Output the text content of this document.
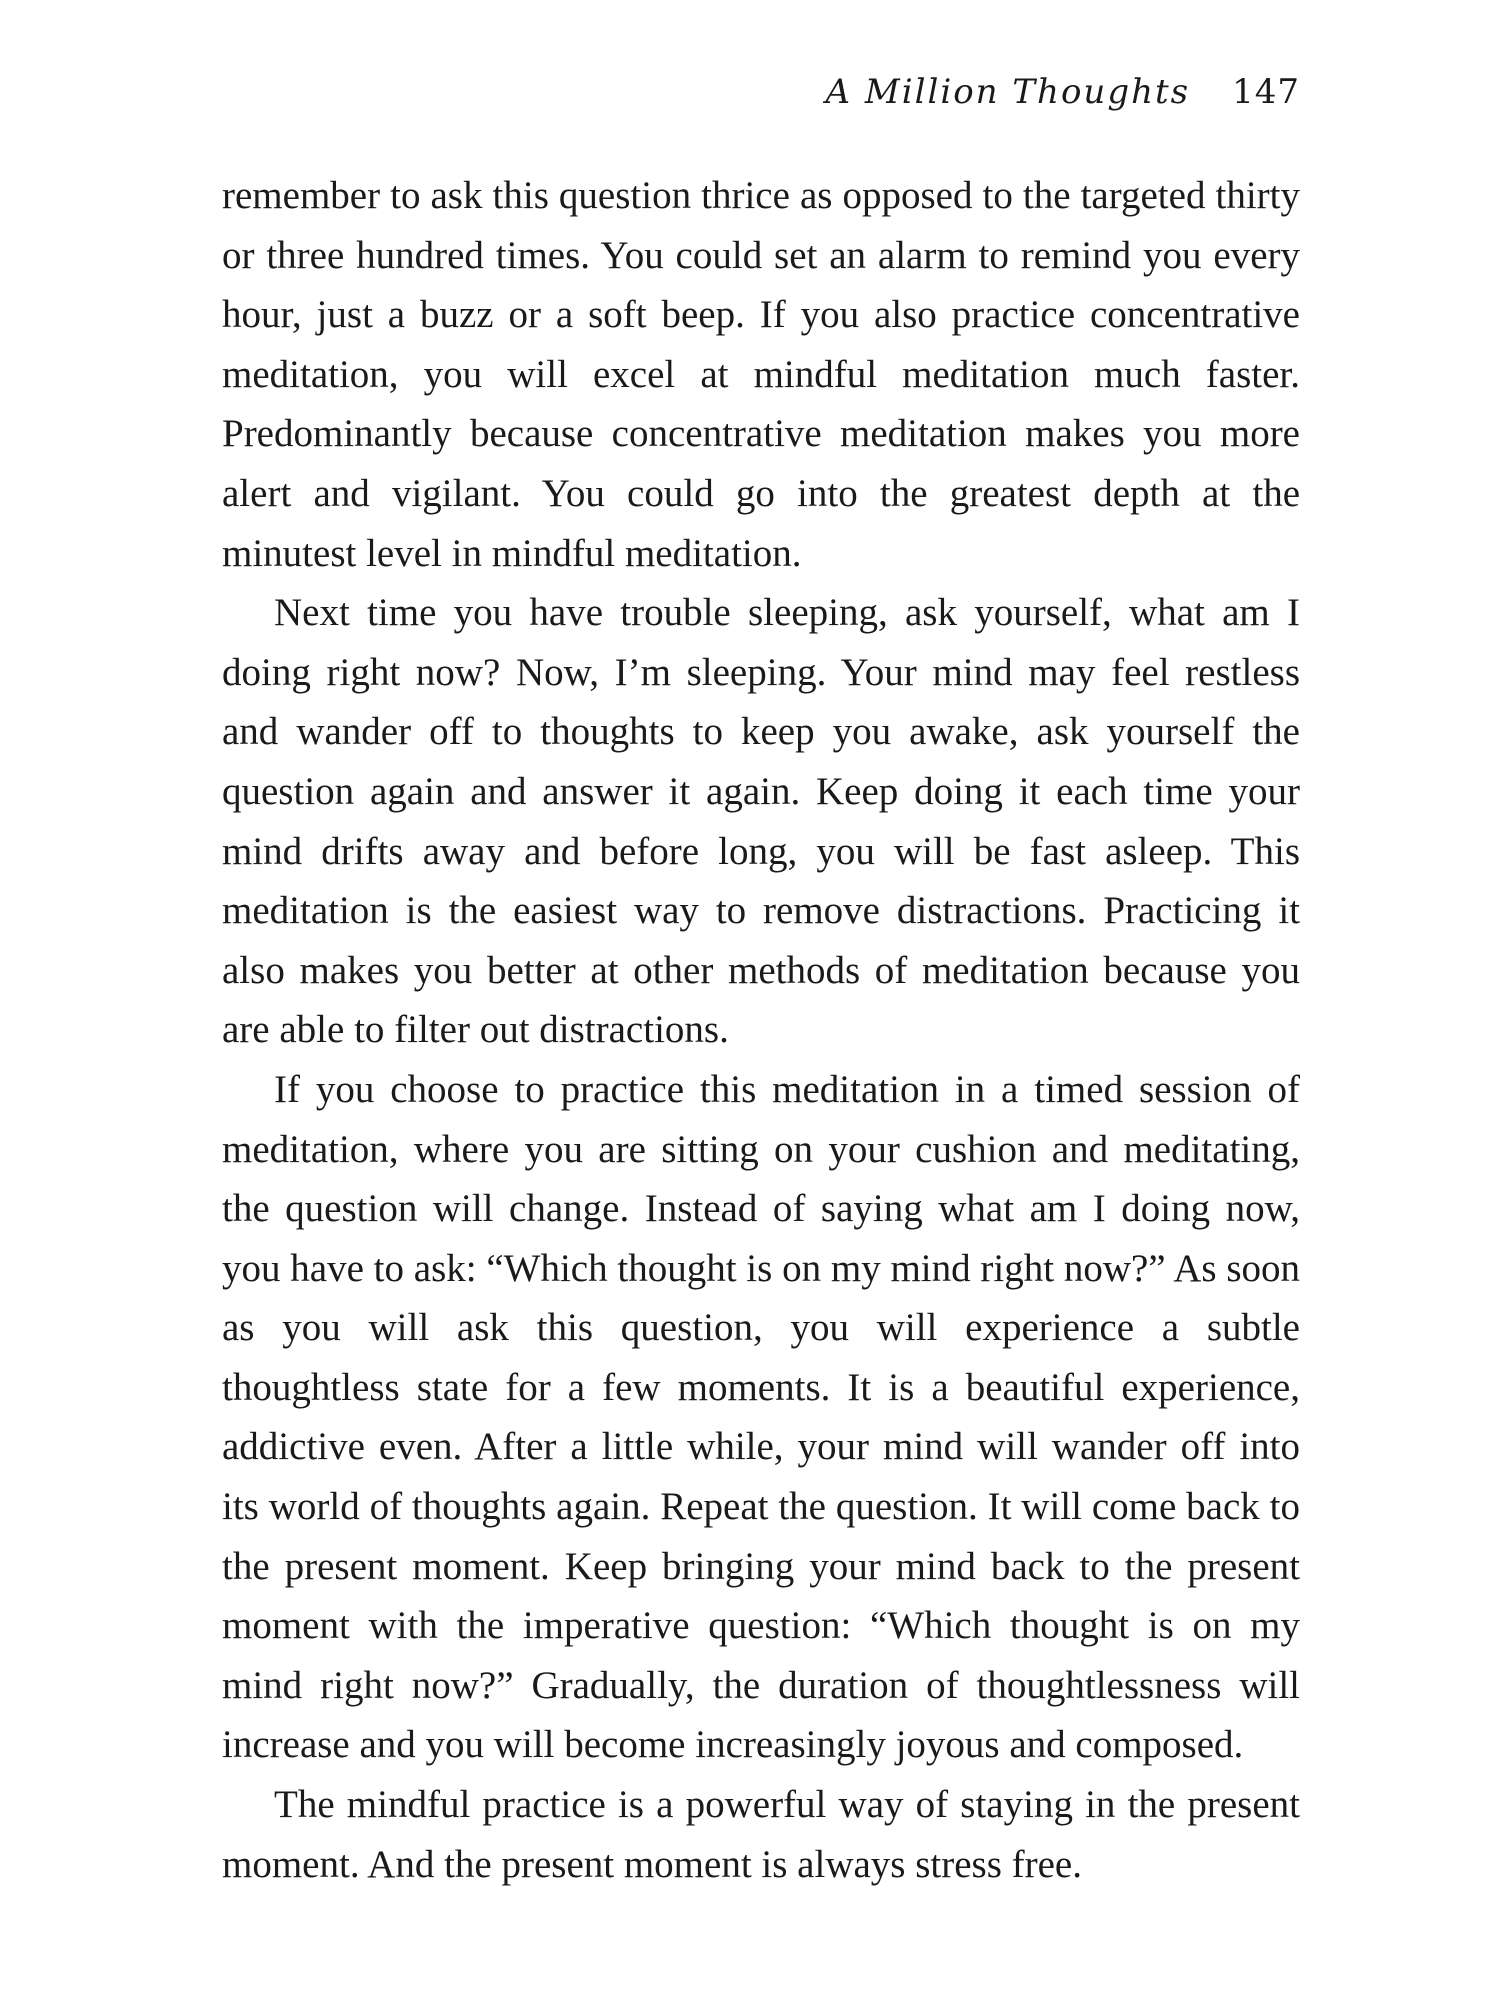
A Million Thoughts 147

remember to ask this question thrice as opposed to the targeted thirty or three hundred times. You could set an alarm to remind you every hour, just a buzz or a soft beep. If you also practice concentrative meditation, you will excel at mindful meditation much faster. Predominantly because concentrative meditation makes you more alert and vigilant. You could go into the greatest depth at the minutest level in mindful meditation.

Next time you have trouble sleeping, ask yourself, what am I doing right now? Now, I’m sleeping. Your mind may feel restless and wander off to thoughts to keep you awake, ask yourself the question again and answer it again. Keep doing it each time your mind drifts away and before long, you will be fast asleep. This meditation is the easiest way to remove distractions. Practicing it also makes you better at other methods of meditation because you are able to filter out distractions.

If you choose to practice this meditation in a timed session of meditation, where you are sitting on your cushion and meditating, the question will change. Instead of saying what am I doing now, you have to ask: “Which thought is on my mind right now?” As soon as you will ask this question, you will experience a subtle thoughtless state for a few moments. It is a beautiful experience, addictive even. After a little while, your mind will wander off into its world of thoughts again. Repeat the question. It will come back to the present moment. Keep bringing your mind back to the present moment with the imperative question: “Which thought is on my mind right now?” Gradually, the duration of thoughtlessness will increase and you will become increasingly joyous and composed.

The mindful practice is a powerful way of staying in the present moment. And the present moment is always stress free.
